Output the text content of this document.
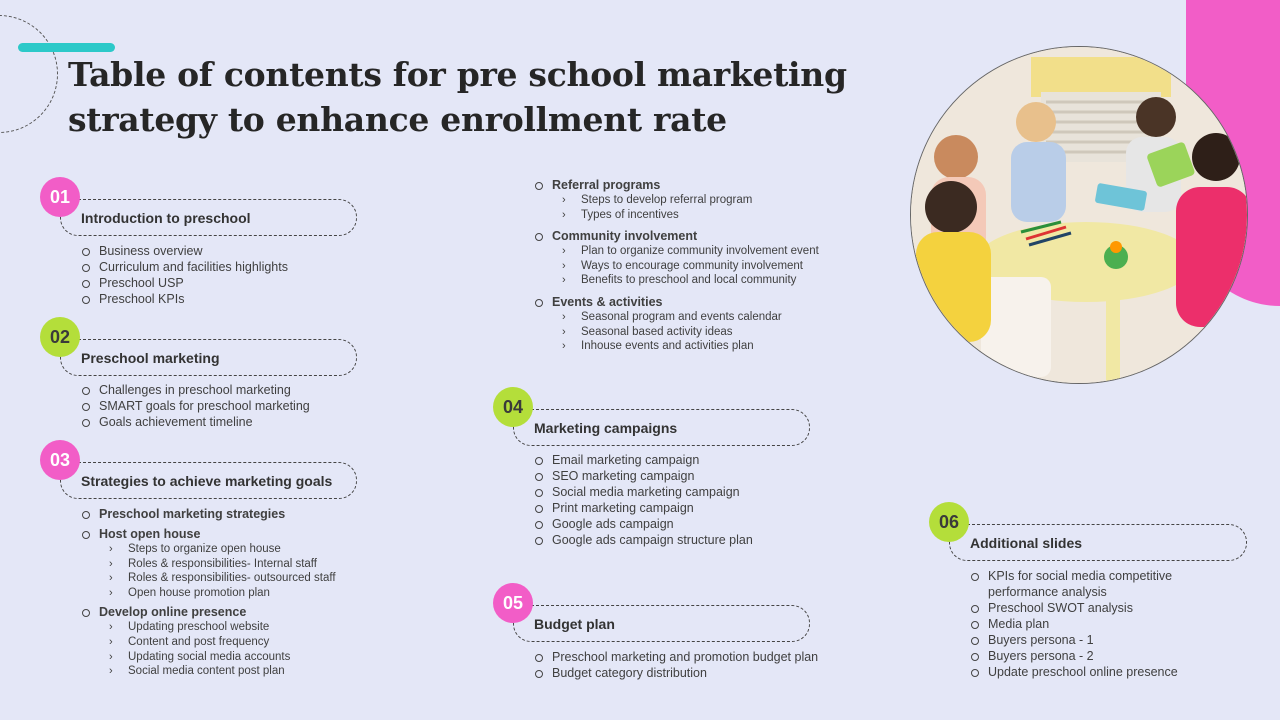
Table of contents for pre school marketing strategy to enhance enrollment rate
Introduction to preschool
01
Business overview
Curriculum and facilities highlights
Preschool USP
Preschool KPIs
Preschool marketing
02
Challenges in preschool marketing
SMART goals for preschool marketing
Goals achievement timeline
Strategies to achieve marketing goals
03
Preschool marketing strategies
Host open house
› Steps to organize open house
› Roles & responsibilities- Internal staff
› Roles & responsibilities- outsourced staff
› Open house promotion plan
Develop online presence
› Updating preschool website
› Content and post frequency
› Updating social media accounts
› Social media content post plan
Referral programs
› Steps to develop referral program
› Types of incentives
Community involvement
› Plan to organize community involvement event
› Ways to encourage community involvement
› Benefits to preschool and local community
Events & activities
› Seasonal program and events calendar
› Seasonal based activity ideas
› Inhouse events and activities plan
Marketing campaigns
04
Email marketing campaign
SEO marketing campaign
Social media marketing campaign
Print marketing campaign
Google ads campaign
Google ads campaign structure plan
Budget plan
05
Preschool marketing and promotion budget plan
Budget category distribution
Additional slides
06
KPIs for social media competitive
performance analysis
Preschool SWOT analysis
Media plan
Buyers persona - 1
Buyers persona - 2
Update preschool online presence
